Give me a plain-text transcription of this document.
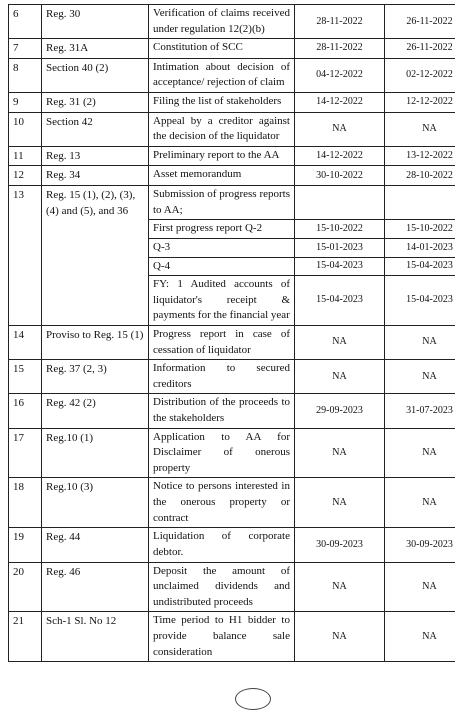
6	Reg. 30	Verification of claims received under regulation 12(2)(b)	28-11-2022	26-11-2022
7	Reg. 31A	Constitution of SCC	28-11-2022	26-11-2022
8	Section 40 (2)	Intimation about decision of acceptance/ rejection of claim	04-12-2022	02-12-2022
9	Reg. 31 (2)	Filing the list of stakeholders	14-12-2022	12-12-2022
10	Section 42	Appeal by a creditor against the decision of the liquidator	NA	NA
11	Reg. 13	Preliminary report to the AA	14-12-2022	13-12-2022
12	Reg. 34	Asset memorandum	30-10-2022	28-10-2022
13	Reg. 15 (1), (2), (3), (4) and (5), and 36	Submission of progress reports to AA;		
		First progress report Q-2	15-10-2022	15-10-2022
		Q-3	15-01-2023	14-01-2023
		Q-4	15-04-2023	15-04-2023
		FY: 1 Audited accounts of liquidator's receipt & payments for the financial year	15-04-2023	15-04-2023
14	Proviso to Reg. 15 (1)	Progress report in case of cessation of liquidator	NA	NA
15	Reg. 37 (2, 3)	Information to secured creditors	NA	NA
16	Reg. 42 (2)	Distribution of the proceeds to the stakeholders	29-09-2023	31-07-2023
17	Reg.10 (1)	Application to AA for Disclaimer of onerous property	NA	NA
18	Reg.10 (3)	Notice to persons interested in the onerous property or contract	NA	NA
19	Reg. 44	Liquidation of corporate debtor.	30-09-2023	30-09-2023
20	Reg. 46	Deposit the amount of unclaimed dividends and undistributed proceeds	NA	NA
21	Sch-1 Sl. No 12	Time period to H1 bidder to provide balance sale consideration	NA	NA
